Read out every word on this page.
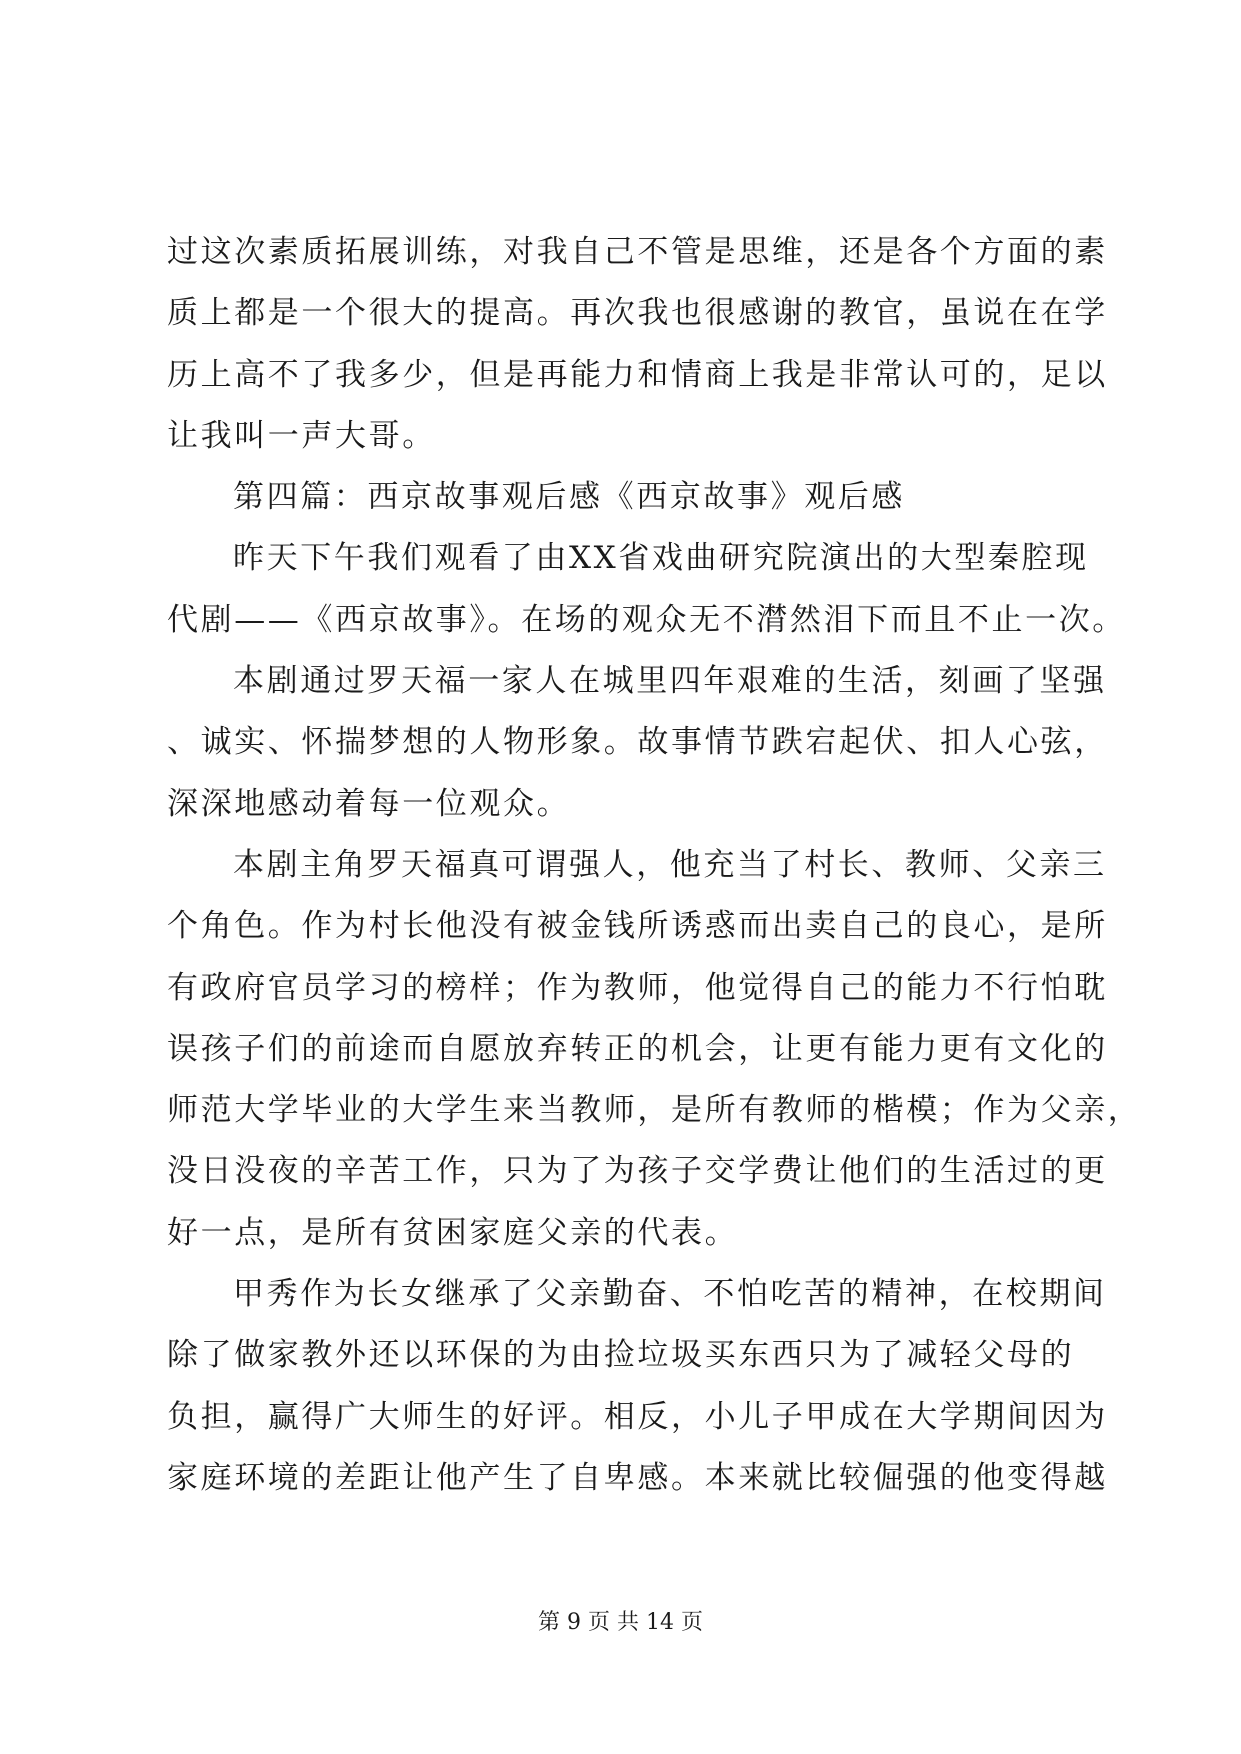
过这次素质拓展训练，对我自己不管是思维，还是各个方面的素
质上都是一个很大的提高。再次我也很感谢的教官，虽说在在学
历上高不了我多少，但是再能力和情商上我是非常认可的，足以
让我叫一声大哥。
第四篇：西京故事观后感《西京故事》观后感
昨天下午我们观看了由XX省戏曲研究院演出的大型秦腔现
代剧——《西京故事》。在场的观众无不潸然泪下而且不止一次。
本剧通过罗天福一家人在城里四年艰难的生活，刻画了坚强
、诚实、怀揣梦想的人物形象。故事情节跌宕起伏、扣人心弦，
深深地感动着每一位观众。
本剧主角罗天福真可谓强人，他充当了村长、教师、父亲三
个角色。作为村长他没有被金钱所诱惑而出卖自己的良心，是所
有政府官员学习的榜样；作为教师，他觉得自己的能力不行怕耽
误孩子们的前途而自愿放弃转正的机会，让更有能力更有文化的
师范大学毕业的大学生来当教师，是所有教师的楷模；作为父亲，
没日没夜的辛苦工作，只为了为孩子交学费让他们的生活过的更
好一点，是所有贫困家庭父亲的代表。
甲秀作为长女继承了父亲勤奋、不怕吃苦的精神，在校期间
除了做家教外还以环保的为由捡垃圾买东西只为了减轻父母的
负担，赢得广大师生的好评。相反，小儿子甲成在大学期间因为
家庭环境的差距让他产生了自卑感。本来就比较倔强的他变得越
第 9 页 共 14 页
